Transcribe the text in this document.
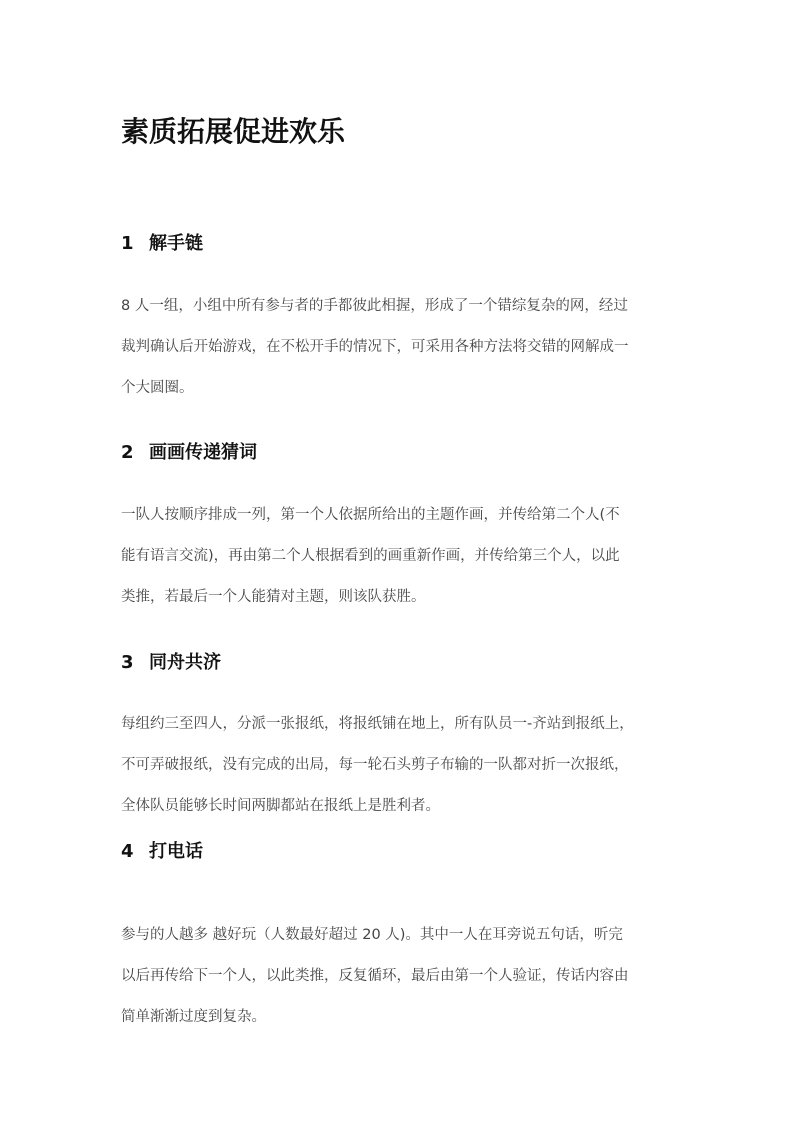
素质拓展促进欢乐
1 解手链
8 人一组，小组中所有参与者的手都彼此相握，形成了一个错综复杂的网，经过
裁判确认后开始游戏，在不松开手的情况下，可采用各种方法将交错的网解成一
个大圆圈。
2 画画传递猜词
一队人按顺序排成一列，第一个人依据所给出的主题作画，并传给第二个人(不
能有语言交流)，再由第二个人根据看到的画重新作画，并传给第三个人，以此
类推，若最后一个人能猜对主题，则该队获胜。
3 同舟共济
每组约三至四人，分派一张报纸，将报纸铺在地上，所有队员一-齐站到报纸上，
不可弄破报纸，没有完成的出局，每一轮石头剪子布输的一队都对折一次报纸，
全体队员能够长时间两脚都站在报纸上是胜利者。
4 打电话
参与的人越多 越好玩（人数最好超过 20 人)。其中一人在耳旁说五句话，听完
以后再传给下一个人，以此类推，反复循环，最后由第一个人验证，传话内容由
简单渐渐过度到复杂。
